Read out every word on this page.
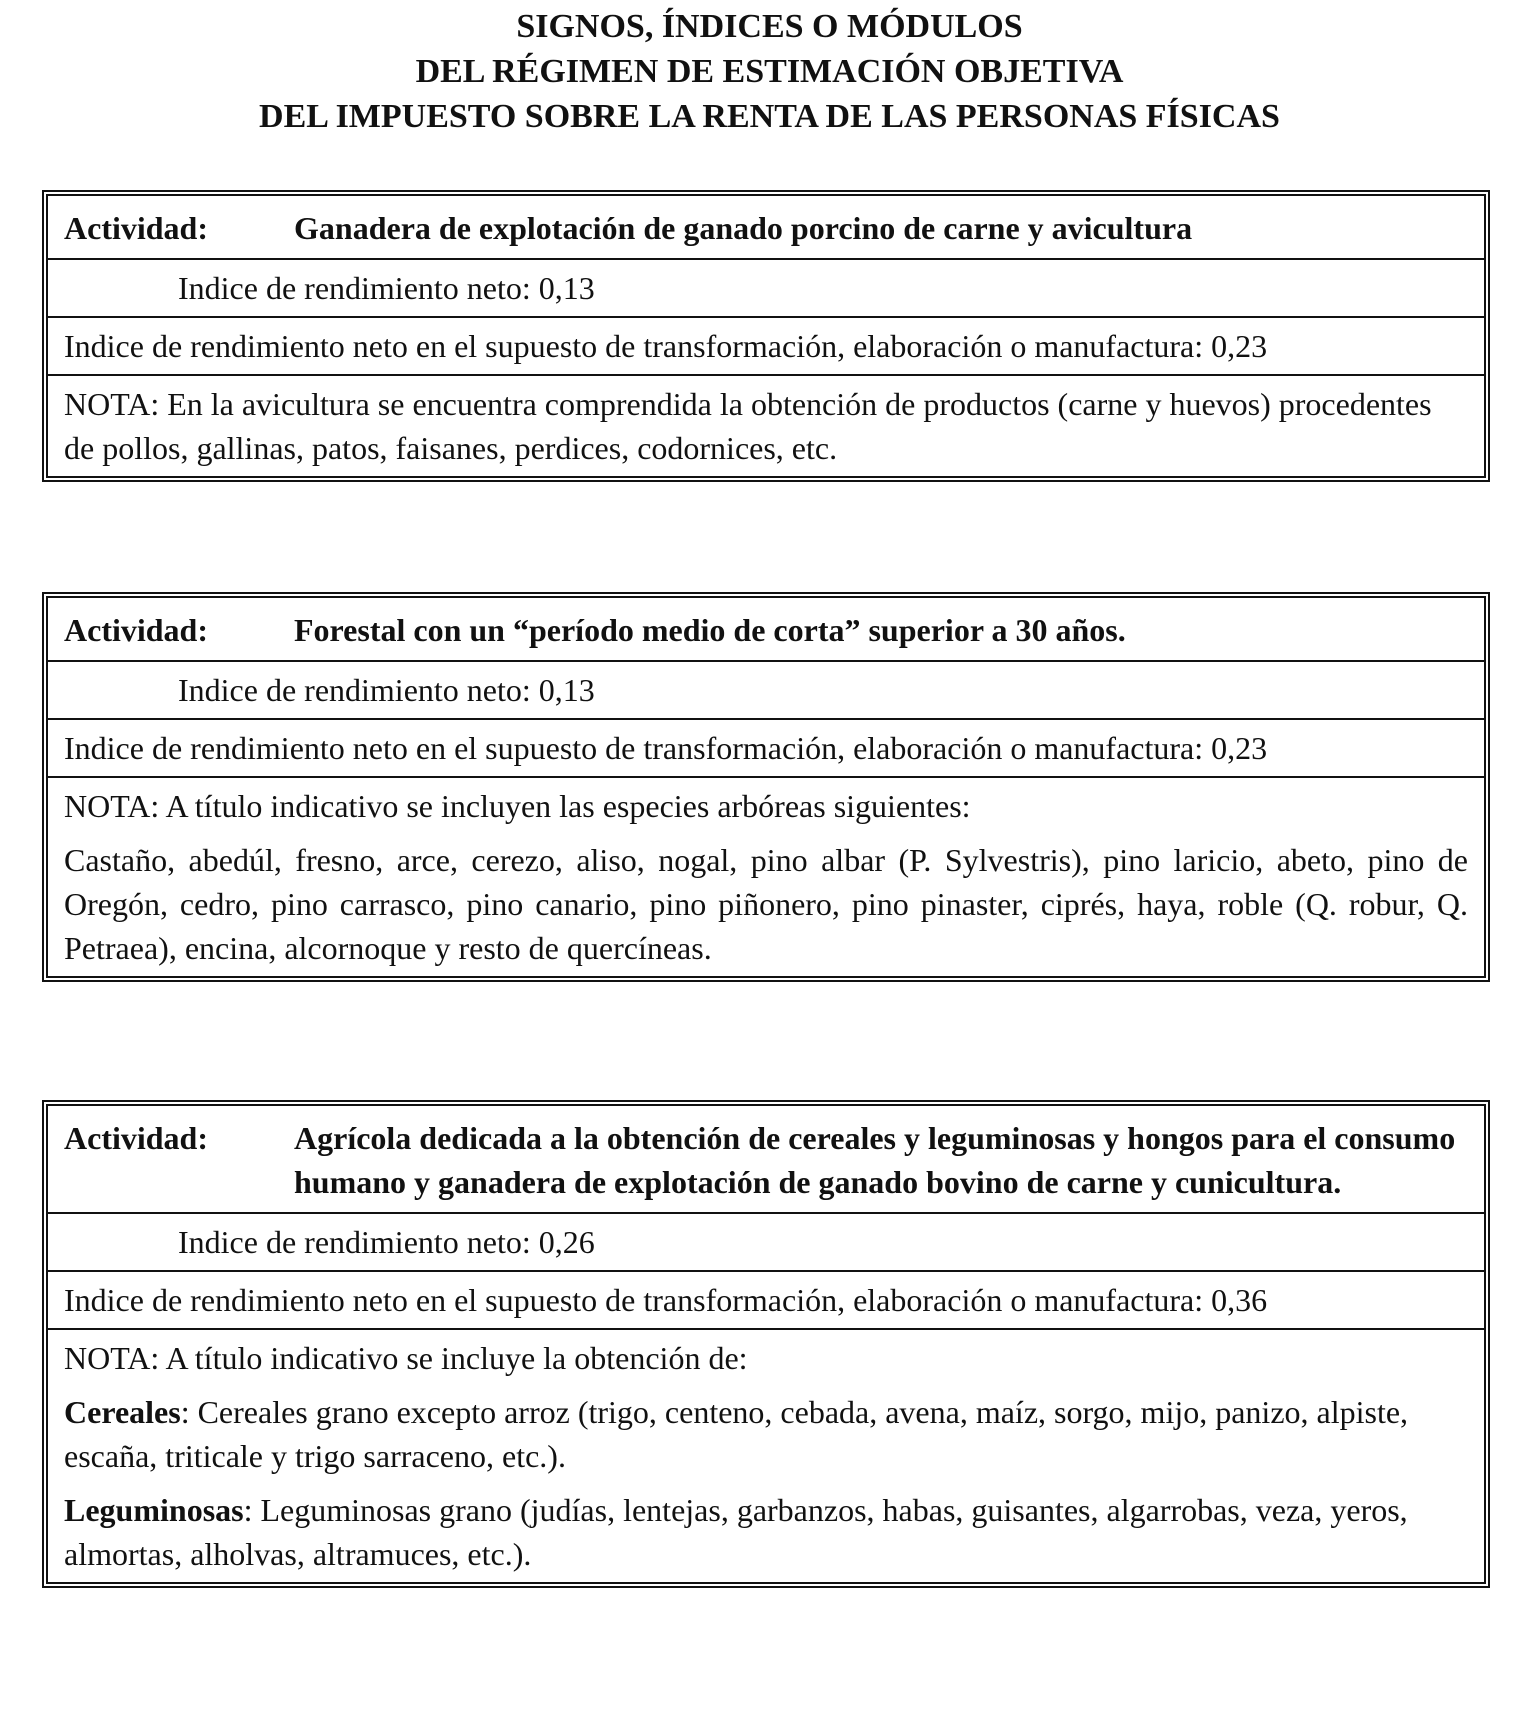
SIGNOS, ÍNDICES O MÓDULOS
DEL RÉGIMEN DE ESTIMACIÓN OBJETIVA
DEL IMPUESTO SOBRE LA RENTA DE LAS PERSONAS FÍSICAS
Actividad:	Ganadera de explotación de ganado porcino de carne y avicultura
Indice de rendimiento neto: 0,13
Indice de rendimiento neto en el supuesto de transformación, elaboración o manufactura: 0,23
NOTA: En la avicultura se encuentra comprendida la obtención de productos (carne y huevos) procedentes de pollos, gallinas, patos, faisanes, perdices, codornices, etc.
Actividad:	Forestal con un “período medio de corta” superior a 30 años.
Indice de rendimiento neto: 0,13
Indice de rendimiento neto en el supuesto de transformación, elaboración o manufactura: 0,23
NOTA: A título indicativo se incluyen las especies arbóreas siguientes:
Castaño, abedúl, fresno, arce, cerezo, aliso, nogal, pino albar (P. Sylvestris), pino laricio, abeto, pino de Oregón, cedro, pino carrasco, pino canario, pino piñonero, pino pinaster, ciprés, haya, roble (Q. robur, Q. Petraea), encina, alcornoque y resto de quercíneas.
Actividad:	Agrícola dedicada a la obtención de cereales y leguminosas y hongos para el consumo humano y ganadera de explotación de ganado bovino de carne y cunicultura.
Indice de rendimiento neto: 0,26
Indice de rendimiento neto en el supuesto de transformación, elaboración o manufactura: 0,36
NOTA: A título indicativo se incluye la obtención de:
Cereales: Cereales grano excepto arroz (trigo, centeno, cebada, avena, maíz, sorgo, mijo, panizo, alpiste, escaña, triticale y trigo sarraceno, etc.).
Leguminosas: Leguminosas grano (judías, lentejas, garbanzos, habas, guisantes, algarrobas, veza, yeros, almortas, alholvas, altramuces, etc.).
